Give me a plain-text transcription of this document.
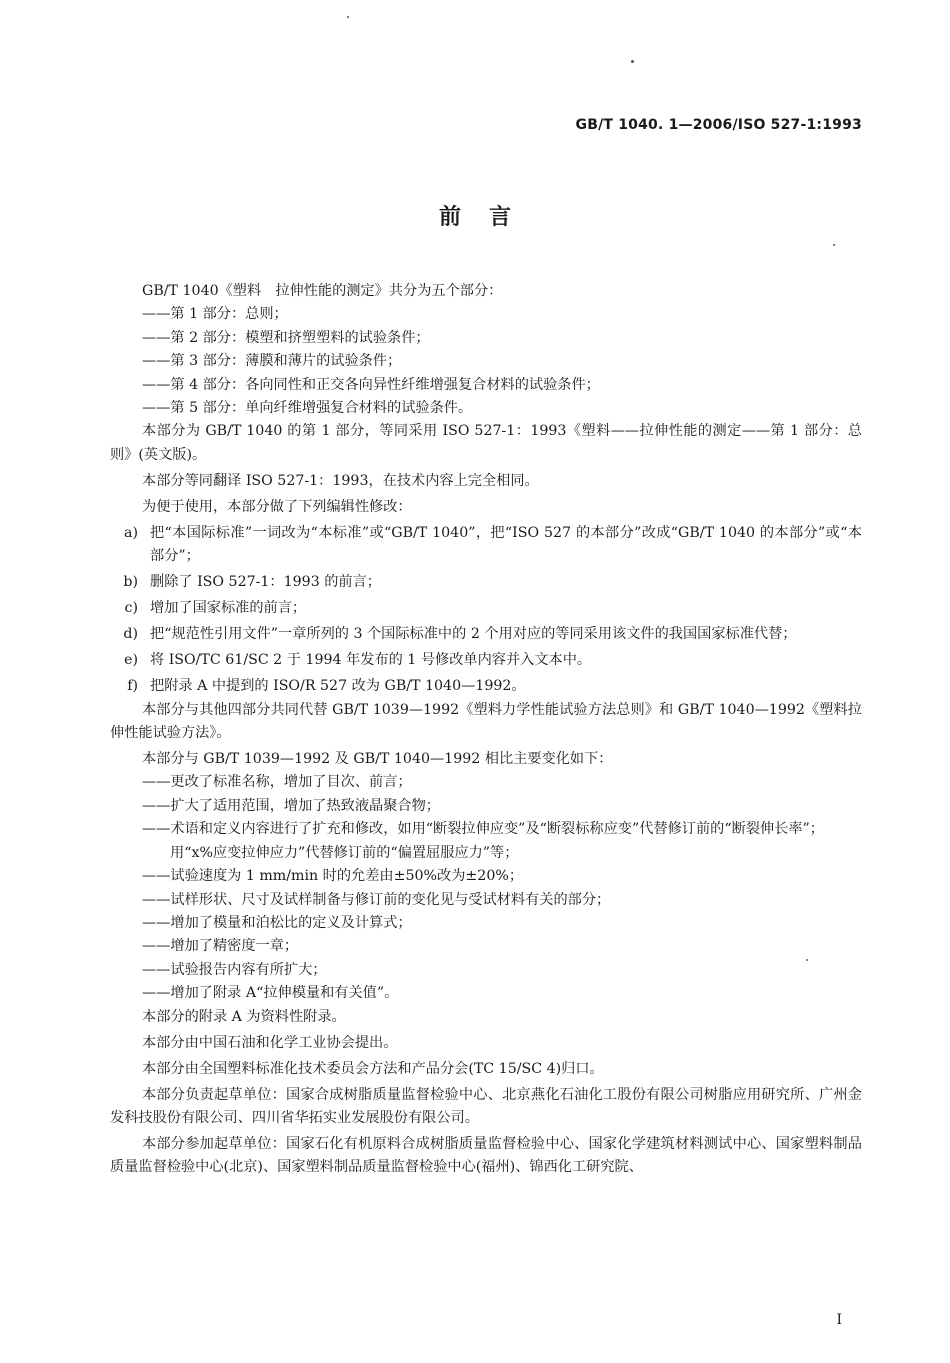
GB/T 1040. 1—2006/ISO 527-1:1993
前言

GB/T 1040《塑料　拉伸性能的测定》共分为五个部分：

——第 1 部分：总则；

——第 2 部分：模塑和挤塑塑料的试验条件；

——第 3 部分：薄膜和薄片的试验条件；

——第 4 部分：各向同性和正交各向异性纤维增强复合材料的试验条件；

——第 5 部分：单向纤维增强复合材料的试验条件。

本部分为 GB/T 1040 的第 1 部分，等同采用 ISO 527-1：1993《塑料——拉伸性能的测定——第 1 部分：总则》(英文版)。

本部分等同翻译 ISO 527-1：1993，在技术内容上完全相同。

为便于使用，本部分做了下列编辑性修改：

a) 把“本国际标准”一词改为“本标准”或“GB/T 1040”，把“ISO 527 的本部分”改成“GB/T 1040 的本部分”或“本部分”；
b) 删除了 ISO 527-1：1993 的前言；
c) 增加了国家标准的前言；
d) 把“规范性引用文件”一章所列的 3 个国际标准中的 2 个用对应的等同采用该文件的我国国家标准代替；
e) 将 ISO/TC 61/SC 2 于 1994 年发布的 1 号修改单内容并入文本中。
f) 把附录 A 中提到的 ISO/R 527 改为 GB/T 1040—1992。

本部分与其他四部分共同代替 GB/T 1039—1992《塑料力学性能试验方法总则》和 GB/T 1040—1992《塑料拉伸性能试验方法》。

本部分与 GB/T 1039—1992 及 GB/T 1040—1992 相比主要变化如下：

——更改了标准名称，增加了目次、前言；

——扩大了适用范围，增加了热致液晶聚合物；

——术语和定义内容进行了扩充和修改，如用“断裂拉伸应变”及“断裂标称应变”代替修订前的“断裂伸长率”；用“x%应变拉伸应力”代替修订前的“偏置屈服应力”等；

——试验速度为 1 mm/min 时的允差由±50%改为±20%；

——试样形状、尺寸及试样制备与修订前的变化见与受试材料有关的部分；

——增加了模量和泊松比的定义及计算式；

——增加了精密度一章；

——试验报告内容有所扩大；

——增加了附录 A“拉伸模量和有关值”。

本部分的附录 A 为资料性附录。

本部分由中国石油和化学工业协会提出。

本部分由全国塑料标准化技术委员会方法和产品分会(TC 15/SC 4)归口。

本部分负责起草单位：国家合成树脂质量监督检验中心、北京燕化石油化工股份有限公司树脂应用研究所、广州金发科技股份有限公司、四川省华拓实业发展股份有限公司。

本部分参加起草单位：国家石化有机原料合成树脂质量监督检验中心、国家化学建筑材料测试中心、国家塑料制品质量监督检验中心(北京)、国家塑料制品质量监督检验中心(福州)、锦西化工研究院、

I
